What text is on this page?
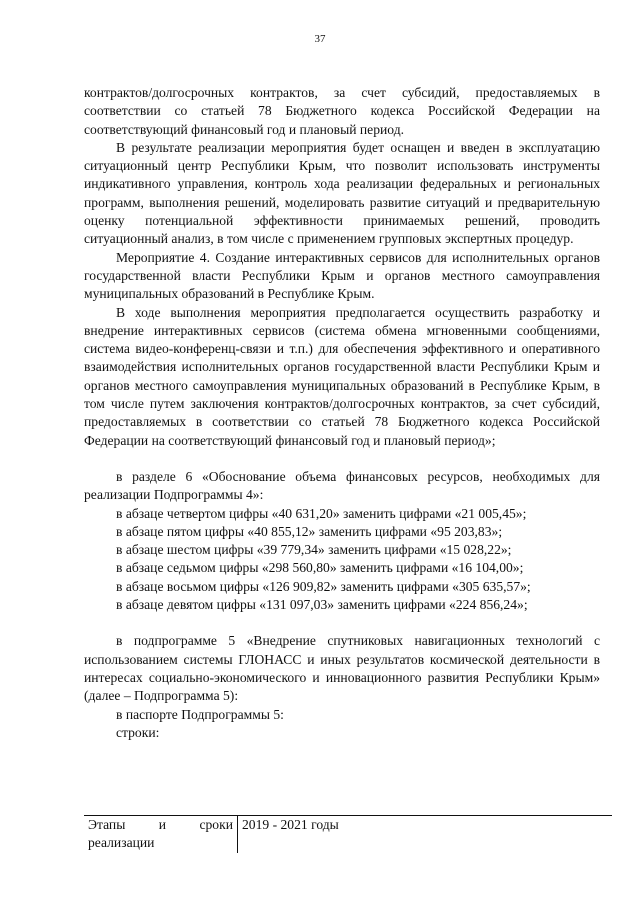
37

контрактов/долгосрочных контрактов, за счет субсидий, предоставляемых в соответствии со статьей 78 Бюджетного кодекса Российской Федерации на соответствующий финансовый год и плановый период.

В результате реализации мероприятия будет оснащен и введен в эксплуатацию ситуационный центр Республики Крым, что позволит использовать инструменты индикативного управления, контроль хода реализации федеральных и региональных программ, выполнения решений, моделировать развитие ситуаций и предварительную оценку потенциальной эффективности принимаемых решений, проводить ситуационный анализ, в том числе с применением групповых экспертных процедур.

Мероприятие 4. Создание интерактивных сервисов для исполнительных органов государственной власти Республики Крым и органов местного самоуправления муниципальных образований в Республике Крым.

В ходе выполнения мероприятия предполагается осуществить разработку и внедрение интерактивных сервисов (система обмена мгновенными сообщениями, система видео-конференц-связи и т.п.) для обеспечения эффективного и оперативного взаимодействия исполнительных органов государственной власти Республики Крым и органов местного самоуправления муниципальных образований в Республике Крым, в том числе путем заключения контрактов/долгосрочных контрактов, за счет субсидий, предоставляемых в соответствии со статьей 78 Бюджетного кодекса Российской Федерации на соответствующий финансовый год и плановый период»;

в разделе 6 «Обоснование объема финансовых ресурсов, необходимых для реализации Подпрограммы 4»:

в абзаце четвертом цифры «40 631,20» заменить цифрами «21 005,45»;

в абзаце пятом цифры «40 855,12» заменить цифрами «95 203,83»;

в абзаце шестом цифры «39 779,34» заменить цифрами «15 028,22»;

в абзаце седьмом цифры «298 560,80» заменить цифрами «16 104,00»;

в абзаце восьмом цифры «126 909,82» заменить цифрами «305 635,57»;

в абзаце девятом цифры «131 097,03» заменить цифрами «224 856,24»;

в подпрограмме 5 «Внедрение спутниковых навигационных технологий с использованием системы ГЛОНАСС и иных результатов космической деятельности в интересах социально-экономического и инновационного развития Республики Крым» (далее – Подпрограмма 5):

в паспорте Подпрограммы 5:

строки:

Этапы и сроки
реализации
	2019 - 2021 годы
